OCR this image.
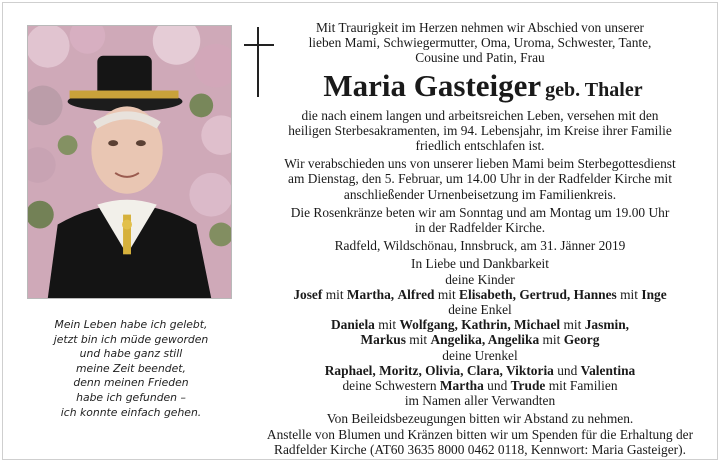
Mein Leben habe ich gelebt,
jetzt bin ich müde geworden
und habe ganz still
meine Zeit beendet,
denn meinen Frieden
habe ich gefunden –
ich konnte einfach gehen.
Mit Traurigkeit im Herzen nehmen wir Abschied von unserer
lieben Mami, Schwiegermutter, Oma, Uroma, Schwester, Tante,
Cousine und Patin, Frau
Maria Gasteiger geb. Thaler
die nach einem langen und arbeitsreichen Leben, versehen mit den
heiligen Sterbesakramenten, im 94. Lebensjahr, im Kreise ihrer Familie
friedlich entschlafen ist.
Wir verabschieden uns von unserer lieben Mami beim Sterbegottesdienst
am Dienstag, den 5. Februar, um 14.00 Uhr in der Radfelder Kirche mit
anschließender Urnenbeisetzung im Familienkreis.
Die Rosenkränze beten wir am Sonntag und am Montag um 19.00 Uhr
in der Radfelder Kirche.
Radfeld, Wildschönau, Innsbruck, am 31. Jänner 2019
In Liebe und Dankbarkeit
deine Kinder
Josef mit Martha, Alfred mit Elisabeth, Gertrud, Hannes mit Inge
deine Enkel
Daniela mit Wolfgang, Kathrin, Michael mit Jasmin,
Markus mit Angelika, Angelika mit Georg
deine Urenkel
Raphael, Moritz, Olivia, Clara, Viktoria und Valentina
deine Schwestern Martha und Trude mit Familien
im Namen aller Verwandten
Von Beileidsbezeugungen bitten wir Abstand zu nehmen.
Anstelle von Blumen und Kränzen bitten wir um Spenden für die Erhaltung der
Radfelder Kirche (AT60 3635 8000 0462 0118, Kennwort: Maria Gasteiger).
